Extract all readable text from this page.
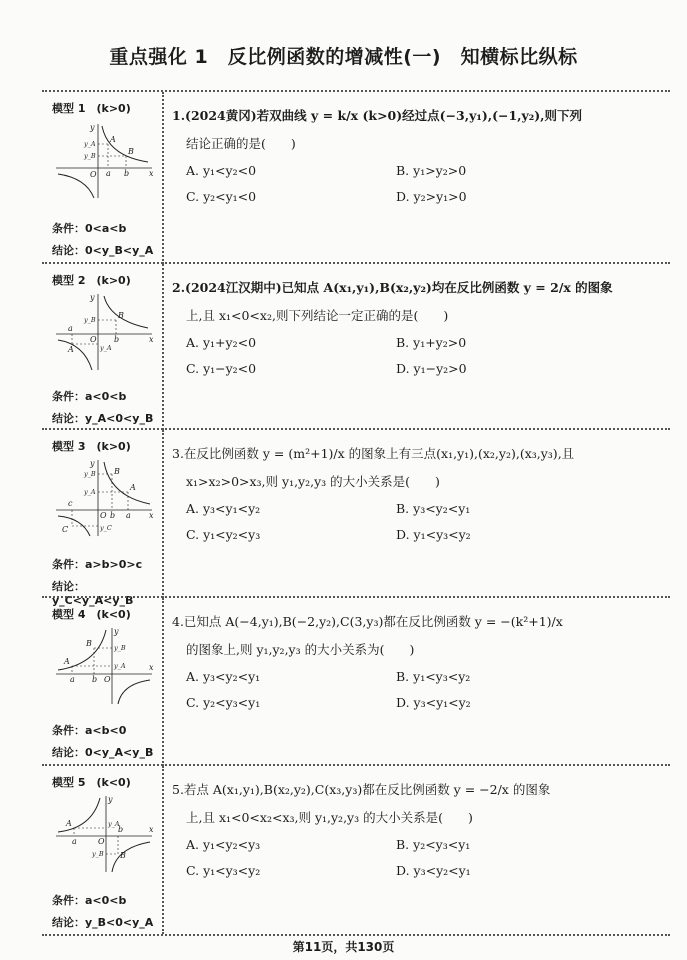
重点强化 1　反比例函数的增减性(一)　知横标比纵标
模型 1　(k>0)
y
x
O a b
A
B
y_A
y_B
条件：0<a<b
结论：0<y_B<y_A
1.(2024黄冈)若双曲线 y = k/x (k>0)经过点(−3,y₁),(−1,y₂),则下列
结论正确的是(　　)
A. y₁<y₂<0	B. y₁>y₂>0
C. y₂<y₁<0	D. y₂>y₁>0
模型 2　(k>0)
y
x
O
a
b
A
B
y_B
y_A
条件：a<0<b
结论：y_A<0<y_B
2.(2024江汉期中)已知点 A(x₁,y₁),B(x₂,y₂)均在反比例函数 y = 2/x 的图象
上,且 x₁<0<x₂,则下列结论一定正确的是(　　)
A. y₁+y₂<0	B. y₁+y₂>0
C. y₁−y₂<0	D. y₁−y₂>0
模型 3　(k>0)
y
x
O
c
b a
B
A
C
y_B
y_A
y_C
条件：a>b>0>c
结论：y_C<y_A<y_B
3.在反比例函数 y = (m²+1)/x 的图象上有三点(x₁,y₁),(x₂,y₂),(x₃,y₃),且
x₁>x₂>0>x₃,则 y₁,y₂,y₃ 的大小关系是(　　)
A. y₃<y₁<y₂	B. y₃<y₂<y₁
C. y₁<y₂<y₃	D. y₁<y₃<y₂
模型 4　(k<0)
y
x
O
a b
A
B	y_B
y_A
条件：a<b<0
结论：0<y_A<y_B
4.已知点 A(−4,y₁),B(−2,y₂),C(3,y₃)都在反比例函数 y = −(k²+1)/x
的图象上,则 y₁,y₂,y₃ 的大小关系为(　　)
A. y₃<y₂<y₁	B. y₁<y₃<y₂
C. y₂<y₃<y₁	D. y₃<y₁<y₂
模型 5　(k<0)
y
x
O
a
b
A
B
y_A
y_B
条件：a<0<b
结论：y_B<0<y_A
5.若点 A(x₁,y₁),B(x₂,y₂),C(x₃,y₃)都在反比例函数 y = −2/x 的图象
上,且 x₁<0<x₂<x₃,则 y₁,y₂,y₃ 的大小关系是(　　)
A. y₁<y₂<y₃	B. y₂<y₃<y₁
C. y₁<y₃<y₂	D. y₃<y₂<y₁
第11页，共130页
